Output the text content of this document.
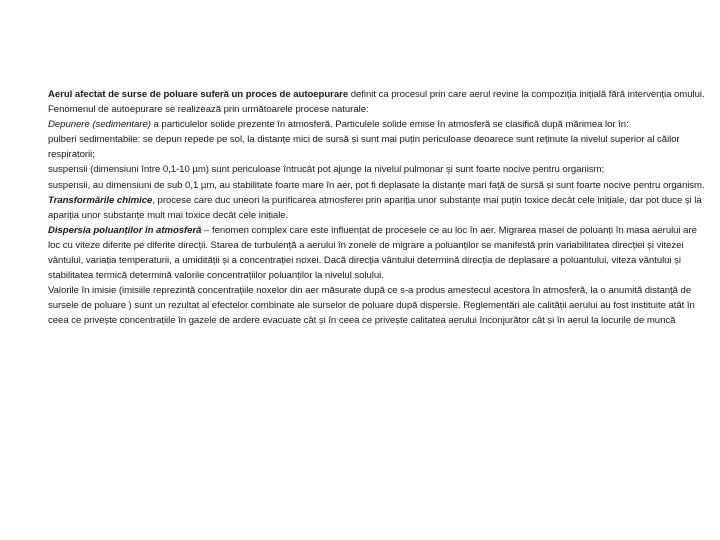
Aerul afectat de surse de poluare suferă un proces de autoepurare definit ca procesul prin care aerul revine la compoziția inițială fără intervenția omului.

Fenomenul de autoepurare se realizează prin următoarele procese naturale:

Depunere (sedimentare) a particulelor solide prezente în atmosferă. Particulele solide emise în atmosferă se clasifică după mărimea lor în:

pulberi sedimentabile: se depun repede pe sol, la distanțe mici de sursă și sunt mai puțin periculoase deoarece sunt reținute la nivelul superior al căilor respiratorii;

suspensii (dimensiuni între 0,1-10 µm) sunt periculoase întrucât pot ajunge la nivelul pulmonar și sunt foarte nocive pentru organism;

suspensii, au dimensiuni de sub 0,1 µm, au stabilitate foarte mare în aer, pot fi deplasate la distanțe mari față de sursă și sunt foarte nocive pentru organism.

Transformările chimice, procese care duc uneori la purificarea atmosferei prin apariția unor substanțe mai puțin toxice decât cele inițiale, dar pot duce și la apariția unor substanțe mult mai toxice decât cele inițiale.

Dispersia poluanților în atmosferă – fenomen complex care este influențat de procesele ce au loc în aer. Migrarea masei de poluanți în masa aerului are loc cu viteze diferite pe diferite direcții. Starea de turbulență a aerului în zonele de migrare a poluanților se manifestă prin variabilitatea direcției și vitezei vântului, variația temperaturii, a umidității și a concentrației noxei. Dacă direcția vântului determină direcția de deplasare a poluantului, viteza vântului și stabilitatea termică determină valorile concentrațiilor poluanților la nivelul solului.

Valorile în imisie (imisiile reprezintă concentrațiile noxelor din aer măsurate după ce s-a produs amestecul acestora în atmosferă, la o anumită distanță de sursele de poluare ) sunt un rezultat al efectelor combinate ale surselor de poluare după dispersie. Reglementări ale calității aerului au fost instituite atât în ceea ce privește concentrațiile în gazele de ardere evacuate cât și în ceea ce privește calitatea aerului înconjurător cât și în aerul la locurile de muncă
